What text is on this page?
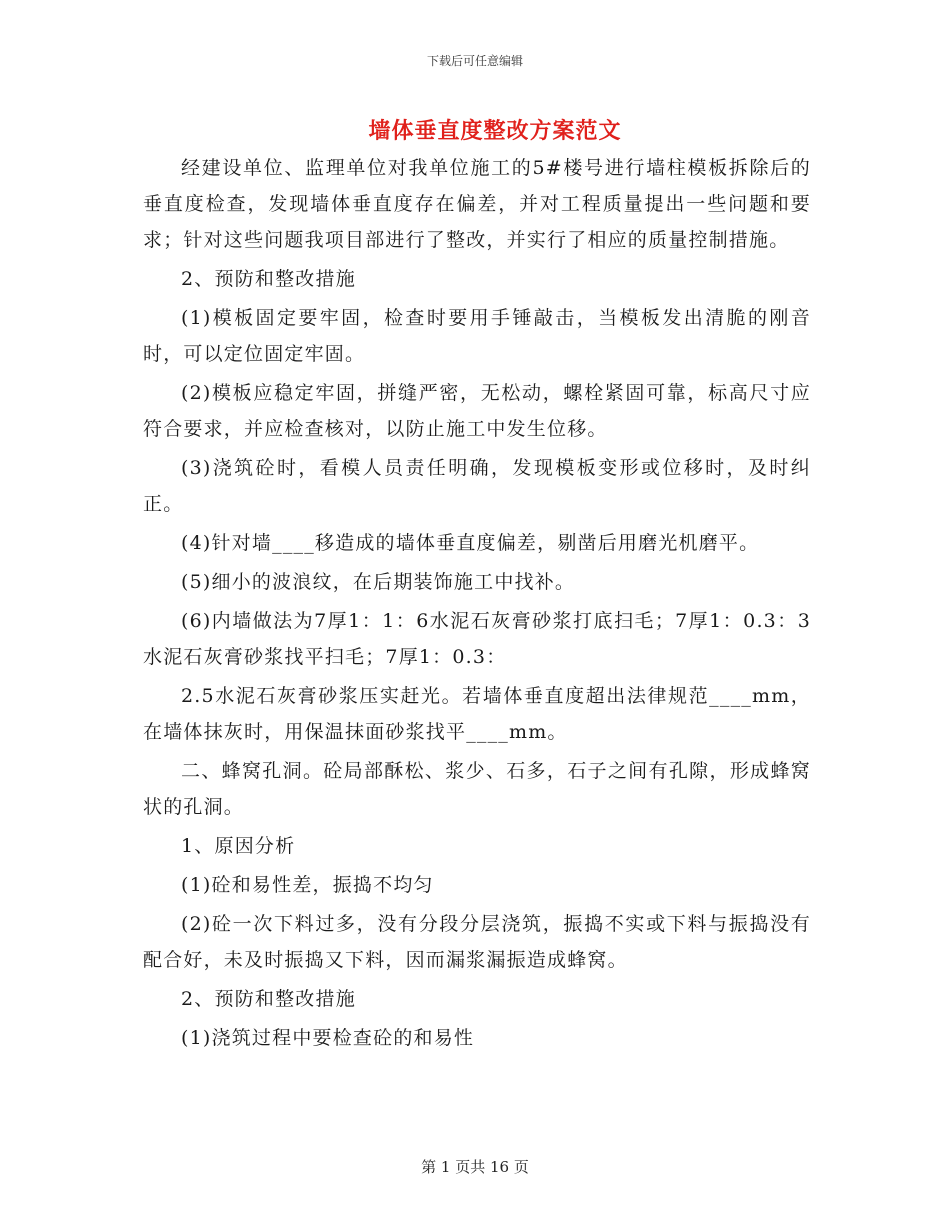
下载后可任意编辑
墙体垂直度整改方案范文

经建设单位、监理单位对我单位施工的5#楼号进行墙柱模板拆除后的垂直度检查，发现墙体垂直度存在偏差，并对工程质量提出一些问题和要求；针对这些问题我项目部进行了整改，并实行了相应的质量控制措施。

2、预防和整改措施

(1)模板固定要牢固，检查时要用手锤敲击，当模板发出清脆的刚音时，可以定位固定牢固。

(2)模板应稳定牢固，拼缝严密，无松动，螺栓紧固可靠，标高尺寸应符合要求，并应检查核对，以防止施工中发生位移。

(3)浇筑砼时，看模人员责任明确，发现模板变形或位移时，及时纠正。

(4)针对墙____移造成的墙体垂直度偏差，剔凿后用磨光机磨平。

(5)细小的波浪纹，在后期装饰施工中找补。

(6)内墙做法为7厚1：1：6水泥石灰膏砂浆打底扫毛；7厚1：0.3：3水泥石灰膏砂浆找平扫毛；7厚1：0.3：

2.5水泥石灰膏砂浆压实赶光。若墙体垂直度超出法律规范____mm，在墙体抹灰时，用保温抹面砂浆找平____mm。

二、蜂窝孔洞。砼局部酥松、浆少、石多，石子之间有孔隙，形成蜂窝状的孔洞。

1、原因分析

(1)砼和易性差，振捣不均匀

(2)砼一次下料过多，没有分段分层浇筑，振捣不实或下料与振捣没有配合好，未及时振捣又下料，因而漏浆漏振造成蜂窝。

2、预防和整改措施

(1)浇筑过程中要检查砼的和易性

第 1 页共 16 页
